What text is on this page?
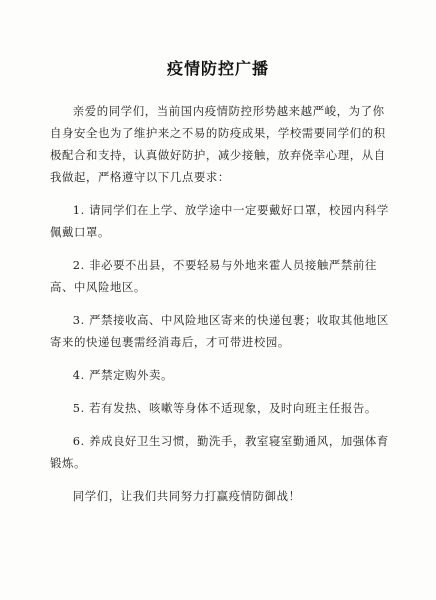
疫情防控广播

亲爱的同学们，当前国内疫情防控形势越来越严峻，为了你自身安全也为了维护来之不易的防疫成果，学校需要同学们的积极配合和支持，认真做好防护，减少接触，放弃侥幸心理，从自我做起，严格遵守以下几点要求：

1. 请同学们在上学、放学途中一定要戴好口罩，校园内科学佩戴口罩。

2. 非必要不出县，不要轻易与外地来霍人员接触严禁前往高、中风险地区。

3. 严禁接收高、中风险地区寄来的快递包裹；收取其他地区寄来的快递包裹需经消毒后，才可带进校园。

4. 严禁定购外卖。

5. 若有发热、咳嗽等身体不适现象，及时向班主任报告。

6. 养成良好卫生习惯，勤洗手，教室寝室勤通风，加强体育锻炼。

同学们，让我们共同努力打赢疫情防御战！
